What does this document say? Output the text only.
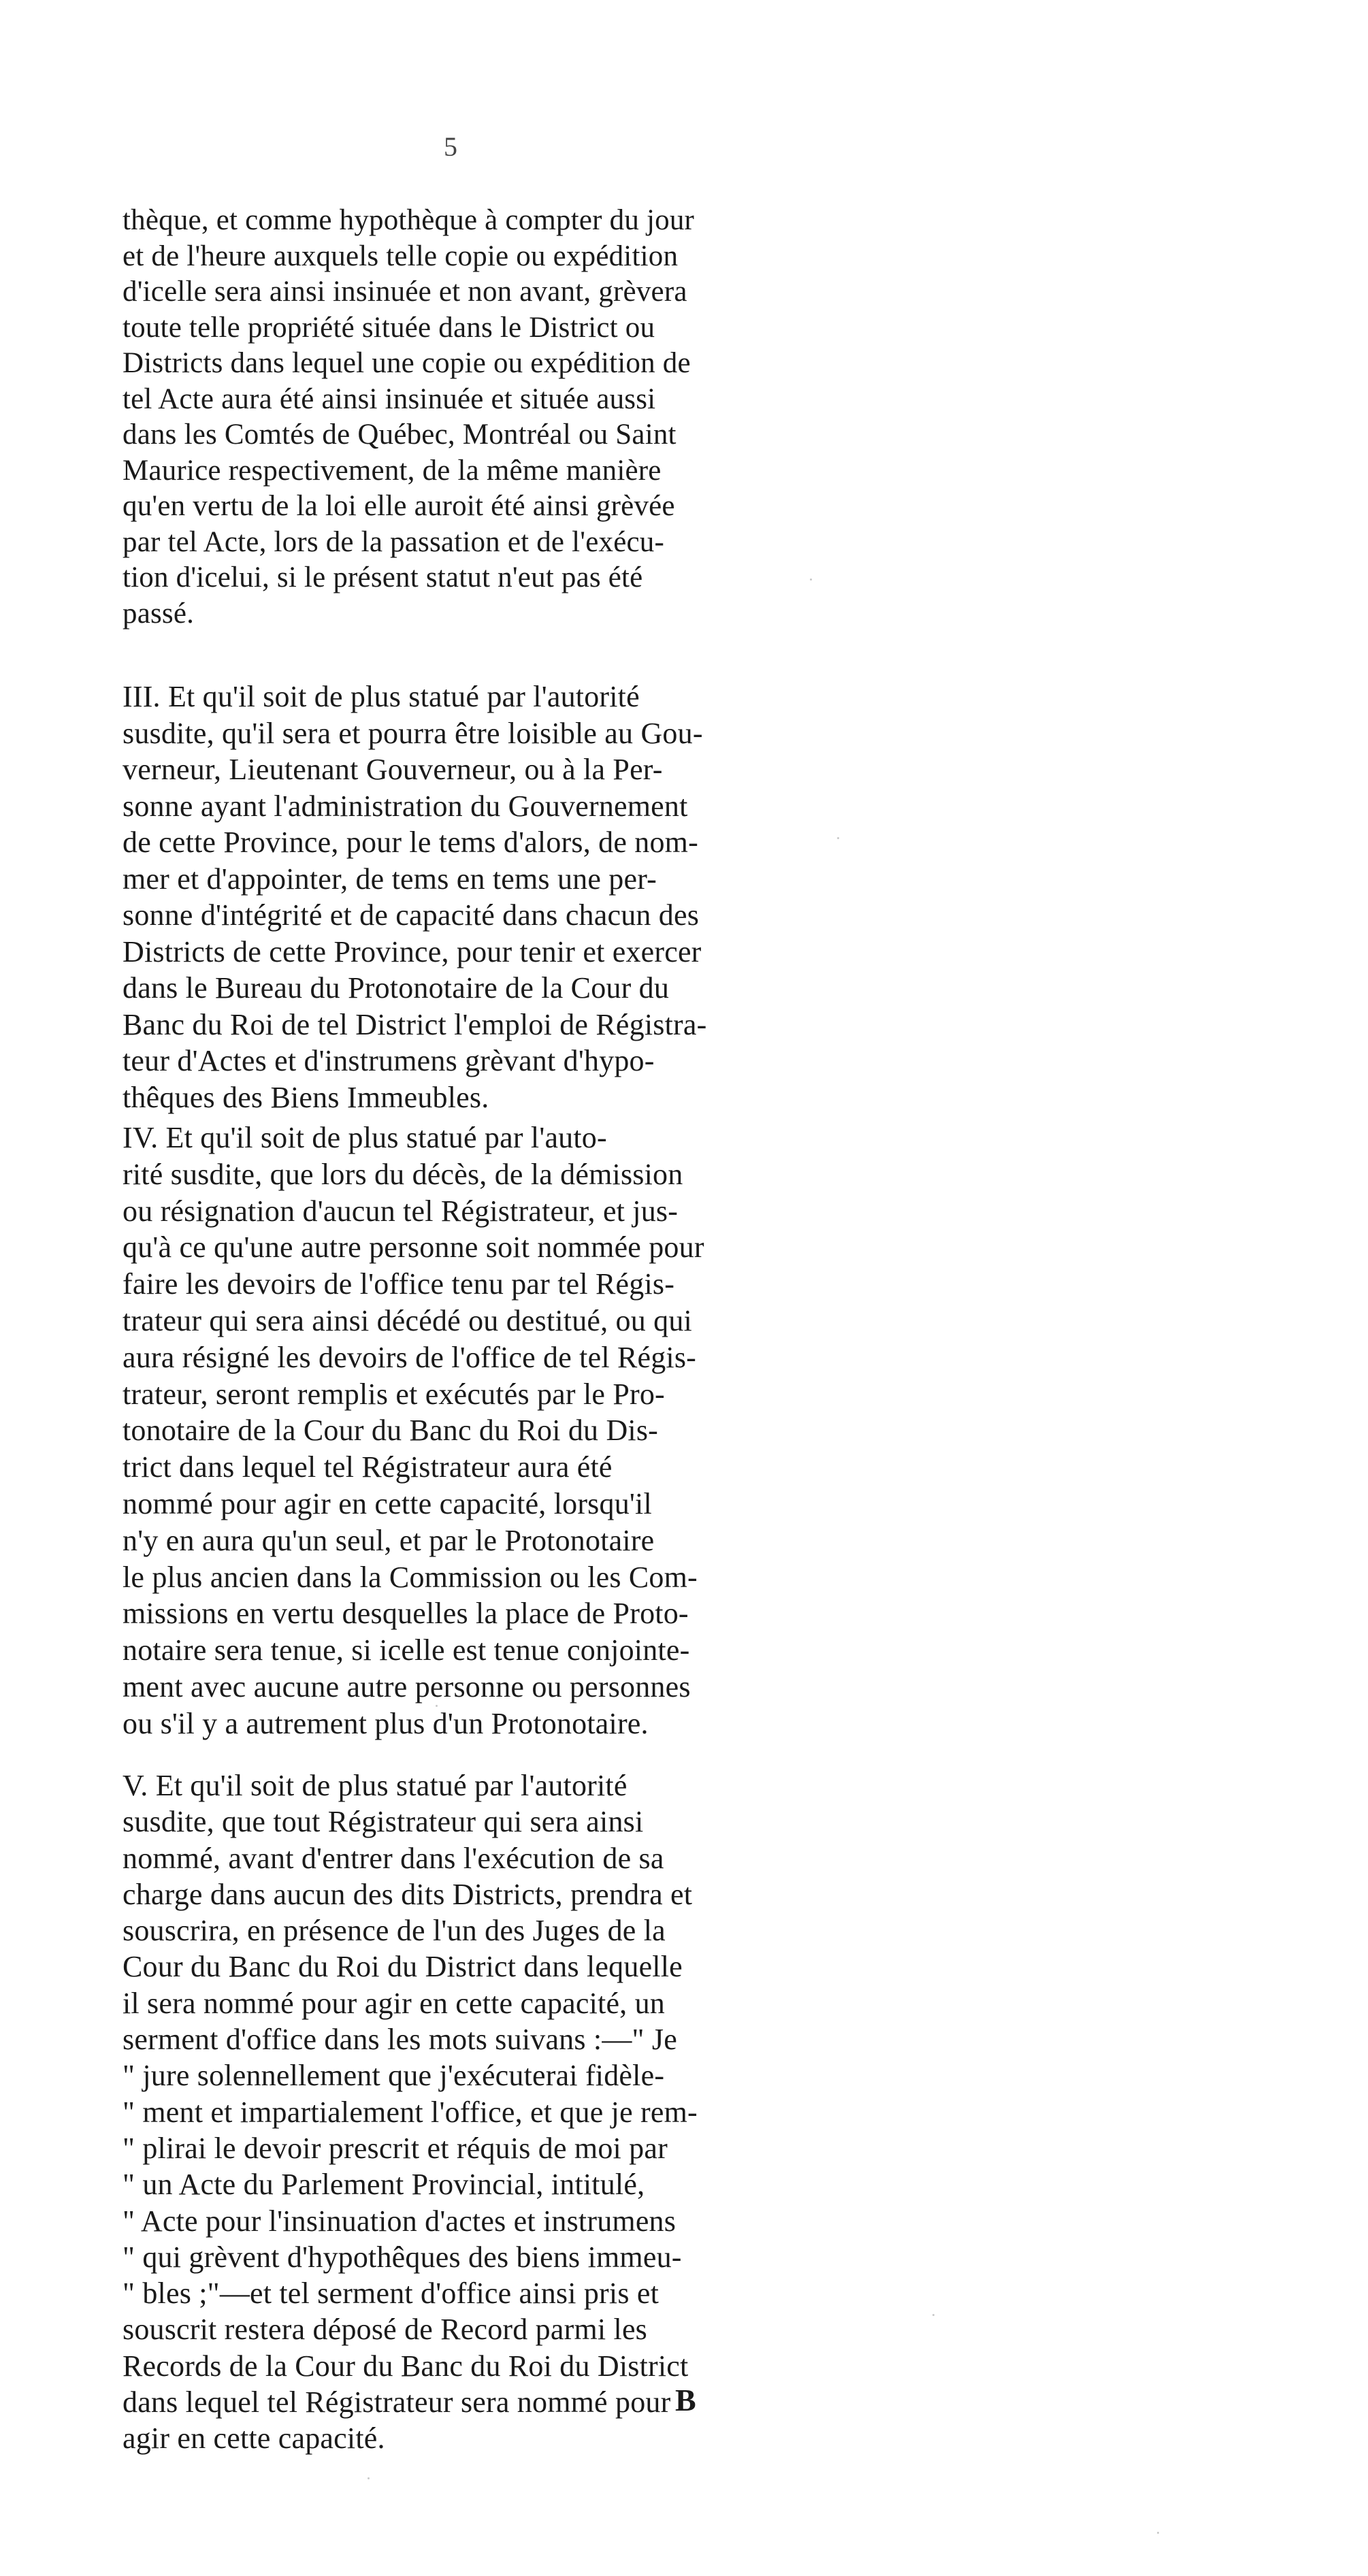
5
thèque, et comme hypothèque à compter du jour
et de l'heure auxquels telle copie ou expédition
d'icelle sera ainsi insinuée et non avant, grèvera
toute telle propriété située dans le District ou
Districts dans lequel une copie ou expédition de
tel Acte aura été ainsi insinuée et située aussi
dans les Comtés de Québec, Montréal ou Saint
Maurice respectivement, de la même manière
qu'en vertu de la loi elle auroit été ainsi grèvée
par tel Acte, lors de la passation et de l'exécu-
tion d'icelui, si le présent statut n'eut pas été
passé.
III. Et qu'il soit de plus statué par l'autorité
susdite, qu'il sera et pourra être loisible au Gou-
verneur, Lieutenant Gouverneur, ou à la Per-
sonne ayant l'administration du Gouvernement
de cette Province, pour le tems d'alors, de nom-
mer et d'appointer, de tems en tems une per-
sonne d'intégrité et de capacité dans chacun des
Districts de cette Province, pour tenir et exercer
dans le Bureau du Protonotaire de la Cour du
Banc du Roi de tel District l'emploi de Régistra-
teur d'Actes et d'instrumens grèvant d'hypo-
thêques des Biens Immeubles.
IV. Et qu'il soit de plus statué par l'auto-
rité susdite, que lors du décès, de la démission
ou résignation d'aucun tel Régistrateur, et jus-
qu'à ce qu'une autre personne soit nommée pour
faire les devoirs de l'office tenu par tel Régis-
trateur qui sera ainsi décédé ou destitué, ou qui
aura résigné les devoirs de l'office de tel Régis-
trateur, seront remplis et exécutés par le Pro-
tonotaire de la Cour du Banc du Roi du Dis-
trict dans lequel tel Régistrateur aura été
nommé pour agir en cette capacité, lorsqu'il
n'y en aura qu'un seul, et par le Protonotaire
le plus ancien dans la Commission ou les Com-
missions en vertu desquelles la place de Proto-
notaire sera tenue, si icelle est tenue conjointe-
ment avec aucune autre personne ou personnes
ou s'il y a autrement plus d'un Protonotaire.
V. Et qu'il soit de plus statué par l'autorité
susdite, que tout Régistrateur qui sera ainsi
nommé, avant d'entrer dans l'exécution de sa
charge dans aucun des dits Districts, prendra et
souscrira, en présence de l'un des Juges de la
Cour du Banc du Roi du District dans lequelle
il sera nommé pour agir en cette capacité, un
serment d'office dans les mots suivans :—" Je
" jure solennellement que j'exécuterai fidèle-
" ment et impartialement l'office, et que je rem-
" plirai le devoir prescrit et réquis de moi par
" un Acte du Parlement Provincial, intitulé,
" Acte pour l'insinuation d'actes et instrumens
" qui grèvent d'hypothêques des biens immeu-
" bles ;"—et tel serment d'office ainsi pris et
souscrit restera déposé de Record parmi les
Records de la Cour du Banc du Roi du District
dans lequel tel Régistrateur sera nommé pour
agir en cette capacité.
B
